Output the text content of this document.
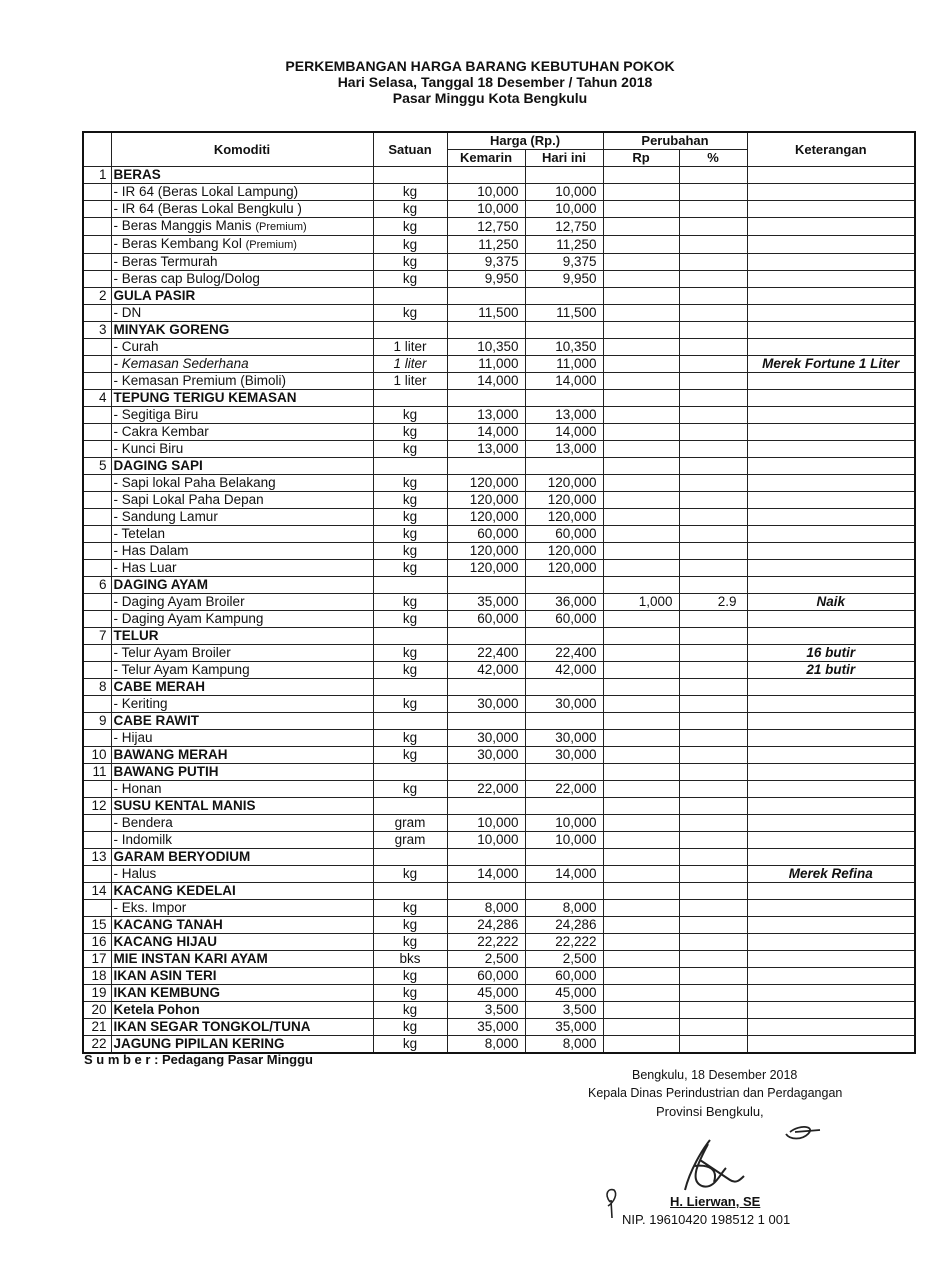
PERKEMBANGAN HARGA BARANG KEBUTUHAN POKOK
Hari Selasa, Tanggal 18 Desember / Tahun 2018
Pasar Minggu Kota Bengkulu
	Komoditi	Satuan	Harga (Rp.)		Perubahan		Keterangan
			Kemarin	Hari ini	Rp	%	
1	BERAS						
	- IR 64 (Beras Lokal Lampung)	kg	10,000	10,000			
	- IR 64 (Beras Lokal Bengkulu )	kg	10,000	10,000			
	- Beras Manggis Manis (Premium)	kg	12,750	12,750			
	- Beras Kembang Kol (Premium)	kg	11,250	11,250			
	- Beras Termurah	kg	9,375	9,375			
	- Beras cap Bulog/Dolog	kg	9,950	9,950			
2	GULA PASIR						
	- DN	kg	11,500	11,500			
3	MINYAK GORENG						
	- Curah	1 liter	10,350	10,350			
	- Kemasan Sederhana	1 liter	11,000	11,000			Merek Fortune 1 Liter
	- Kemasan Premium (Bimoli)	1 liter	14,000	14,000			
4	TEPUNG TERIGU KEMASAN						
	- Segitiga Biru	kg	13,000	13,000			
	- Cakra Kembar	kg	14,000	14,000			
	- Kunci Biru	kg	13,000	13,000			
5	DAGING SAPI						
	- Sapi lokal Paha Belakang	kg	120,000	120,000			
	- Sapi Lokal Paha Depan	kg	120,000	120,000			
	- Sandung Lamur	kg	120,000	120,000			
	- Tetelan	kg	60,000	60,000			
	- Has Dalam	kg	120,000	120,000			
	- Has Luar	kg	120,000	120,000			
6	DAGING AYAM						
	- Daging Ayam Broiler	kg	35,000	36,000	1,000	2.9	Naik
	- Daging Ayam Kampung	kg	60,000	60,000			
7	TELUR						
	- Telur Ayam Broiler	kg	22,400	22,400			16 butir
	- Telur Ayam Kampung	kg	42,000	42,000			21 butir
8	CABE MERAH						
	- Keriting	kg	30,000	30,000			
9	CABE RAWIT						
	- Hijau	kg	30,000	30,000			
10	BAWANG MERAH	kg	30,000	30,000			
11	BAWANG PUTIH						
	- Honan	kg	22,000	22,000			
12	SUSU KENTAL MANIS						
	- Bendera	gram	10,000	10,000			
	- Indomilk	gram	10,000	10,000			
13	GARAM BERYODIUM						
	- Halus	kg	14,000	14,000			Merek Refina
14	KACANG KEDELAI						
	- Eks. Impor	kg	8,000	8,000			
15	KACANG TANAH	kg	24,286	24,286			
16	KACANG HIJAU	kg	22,222	22,222			
17	MIE INSTAN KARI AYAM	bks	2,500	2,500			
18	IKAN ASIN TERI	kg	60,000	60,000			
19	IKAN KEMBUNG	kg	45,000	45,000			
20	Ketela Pohon	kg	3,500	3,500			
21	IKAN SEGAR TONGKOL/TUNA	kg	35,000	35,000			
22	JAGUNG PIPILAN KERING	kg	8,000	8,000			
S u m b e r : Pedagang Pasar Minggu
Bengkulu, 18 Desember 2018
Kepala Dinas Perindustrian dan Perdagangan
Provinsi Bengkulu,
H. Lierwan, SE
NIP. 19610420 198512 1 001
